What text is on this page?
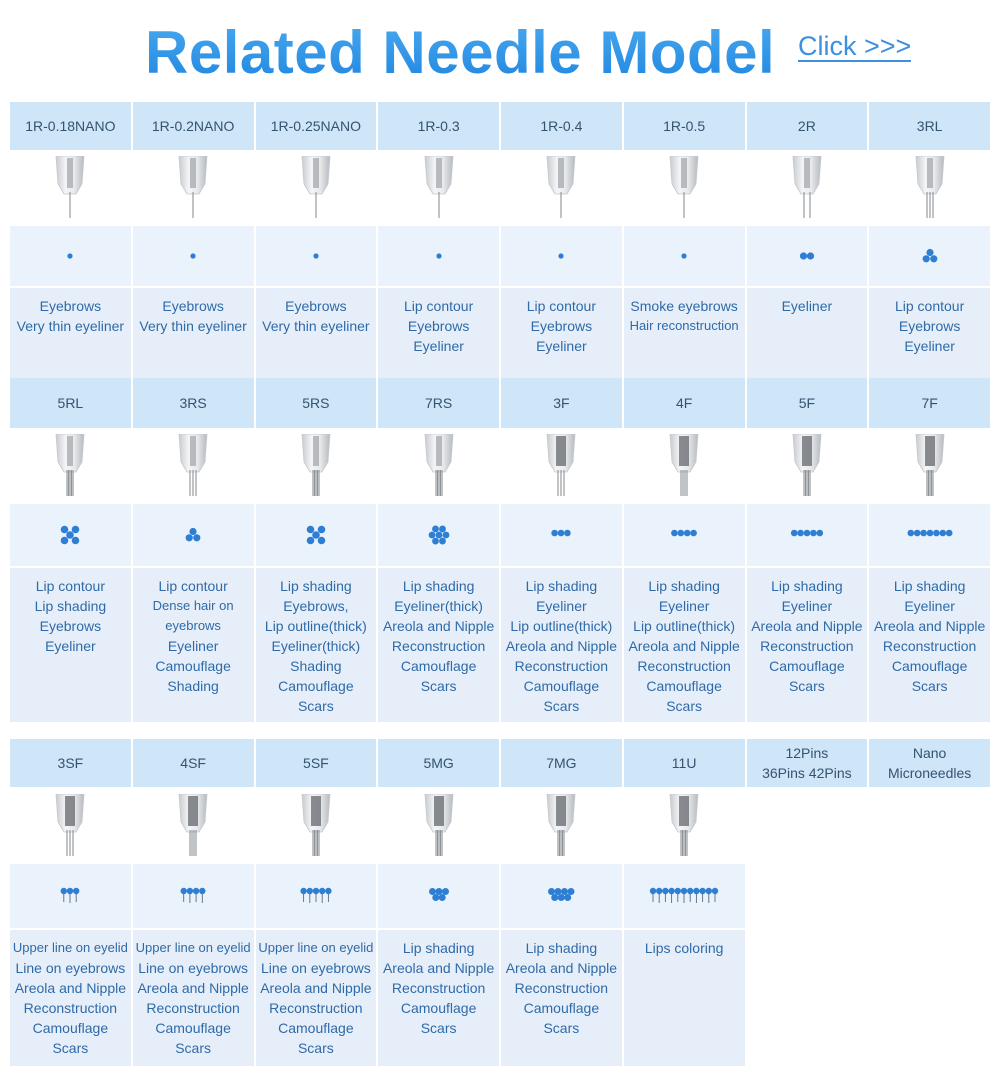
Related Needle Model Click >>>
1R-0.18NANO
Eyebrows
Very thin eyeliner
1R-0.2NANO
Eyebrows
Very thin eyeliner
1R-0.25NANO
Eyebrows
Very thin eyeliner
1R-0.3
Lip contour
Eyebrows
Eyeliner
1R-0.4
Lip contour
Eyebrows
Eyeliner
1R-0.5
Smoke eyebrows
Hair reconstruction
2R
Eyeliner
3RL
Lip contour
Eyebrows
Eyeliner
5RL
Lip contour
Lip shading
Eyebrows
Eyeliner
3RS
Lip contour
Dense hair on eyebrows
Eyeliner
Camouflage
Shading
5RS
Lip shading
Eyebrows,
Lip outline(thick)
Eyeliner(thick)
Shading
Camouflage
Scars
7RS
Lip shading
Eyeliner(thick)
Areola and Nipple
Reconstruction
Camouflage
Scars
3F
Lip shading
Eyeliner
Lip outline(thick)
Areola and Nipple
Reconstruction
Camouflage
Scars
4F
Lip shading
Eyeliner
Lip outline(thick)
Areola and Nipple
Reconstruction
Camouflage
Scars
5F
Lip shading
Eyeliner
Areola and Nipple
Reconstruction
Camouflage
Scars
7F
Lip shading
Eyeliner
Areola and Nipple
Reconstruction
Camouflage
Scars
3SF
Upper line on eyelid
Line on eyebrows
Areola and Nipple
Reconstruction
Camouflage
Scars
4SF
Upper line on eyelid
Line on eyebrows
Areola and Nipple
Reconstruction
Camouflage
Scars
5SF
Upper line on eyelid
Line on eyebrows
Areola and Nipple
Reconstruction
Camouflage
Scars
5MG
Lip shading
Areola and Nipple
Reconstruction
Camouflage
Scars
7MG
Lip shading
Areola and Nipple
Reconstruction
Camouflage
Scars
11U
Lips coloring
12Pins
36Pins 42Pins
Nano
Microneedles
